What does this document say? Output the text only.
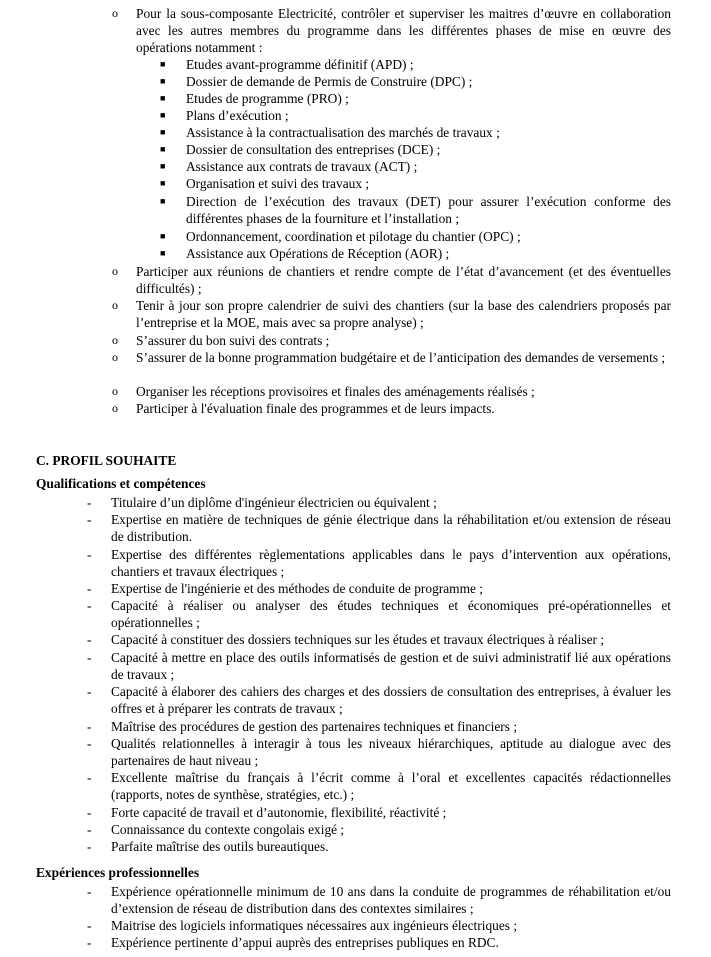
o Pour la sous-composante Electricité, contrôler et superviser les maitres d’œuvre en collaboration avec les autres membres du programme dans les différentes phases de mise en œuvre des opérations notamment :
■ Etudes avant-programme définitif (APD) ;
■ Dossier de demande de Permis de Construire (DPC) ;
■ Etudes de programme (PRO) ;
■ Plans d’exécution ;
■ Assistance à la contractualisation des marchés de travaux ;
■ Dossier de consultation des entreprises (DCE) ;
■ Assistance aux contrats de travaux (ACT) ;
■ Organisation et suivi des travaux ;
■ Direction de l’exécution des travaux (DET) pour assurer l’exécution conforme des différentes phases de la fourniture et l’installation ;
■ Ordonnancement, coordination et pilotage du chantier (OPC) ;
■ Assistance aux Opérations de Réception (AOR) ;
o Participer aux réunions de chantiers et rendre compte de l’état d’avancement (et des éventuelles difficultés) ;
o Tenir à jour son propre calendrier de suivi des chantiers (sur la base des calendriers proposés par l’entreprise et la MOE, mais avec sa propre analyse) ;
o S’assurer du bon suivi des contrats ;
o S’assurer de la bonne programmation budgétaire et de l’anticipation des demandes de versements ;
o Organiser les réceptions provisoires et finales des aménagements réalisés ;
o Participer à l'évaluation finale des programmes et de leurs impacts.
C. PROFIL SOUHAITE
Qualifications et compétences
- Titulaire d’un diplôme d'ingénieur électricien ou équivalent ;
- Expertise en matière de techniques de génie électrique dans la réhabilitation et/ou extension de réseau de distribution.
- Expertise des différentes règlementations applicables dans le pays d’intervention aux opérations, chantiers et travaux électriques ;
- Expertise de l'ingénierie et des méthodes de conduite de programme ;
- Capacité à réaliser ou analyser des études techniques et économiques pré-opérationnelles et opérationnelles ;
- Capacité à constituer des dossiers techniques sur les études et travaux électriques à réaliser ;
- Capacité à mettre en place des outils informatisés de gestion et de suivi administratif lié aux opérations de travaux ;
- Capacité à élaborer des cahiers des charges et des dossiers de consultation des entreprises, à évaluer les offres et à préparer les contrats de travaux ;
- Maîtrise des procédures de gestion des partenaires techniques et financiers ;
- Qualités relationnelles à interagir à tous les niveaux hiérarchiques, aptitude au dialogue avec des partenaires de haut niveau ;
- Excellente maîtrise du français à l’écrit comme à l’oral et excellentes capacités rédactionnelles (rapports, notes de synthèse, stratégies, etc.) ;
- Forte capacité de travail et d’autonomie, flexibilité, réactivité ;
- Connaissance du contexte congolais exigé ;
- Parfaite maîtrise des outils bureautiques.
Expériences professionnelles
- Expérience opérationnelle minimum de 10 ans dans la conduite de programmes de réhabilitation et/ou d’extension de réseau de distribution dans des contextes similaires ;
- Maitrise des logiciels informatiques nécessaires aux ingénieurs électriques ;
- Expérience pertinente d’appui auprès des entreprises publiques en RDC.
